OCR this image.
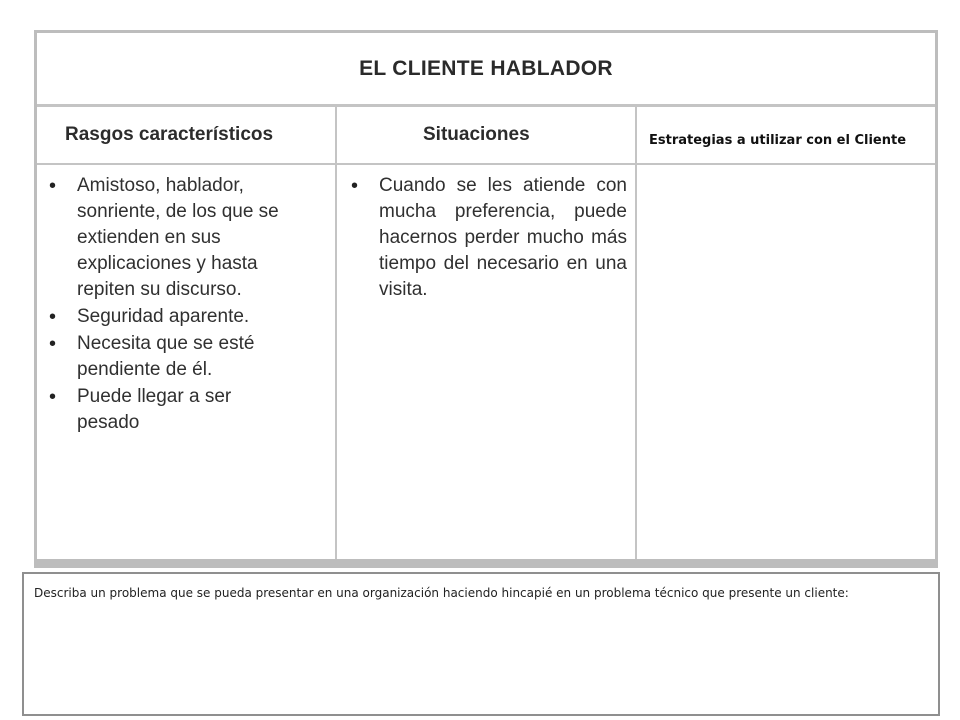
EL CLIENTE HABLADOR
Rasgos característicos	Situaciones	Estrategias a utilizar con el Cliente
• Amistoso, hablador, sonriente, de los que se extienden en sus explicaciones y hasta repiten su discurso.
• Seguridad aparente.
• Necesita que se esté pendiente de él.
• Puede llegar a ser pesado
• Cuando se les atiende con mucha preferencia, puede hacernos perder mucho más tiempo del necesario en una visita.
Describa un problema que se pueda presentar en una organización haciendo hincapié en un problema técnico que presente un cliente:
